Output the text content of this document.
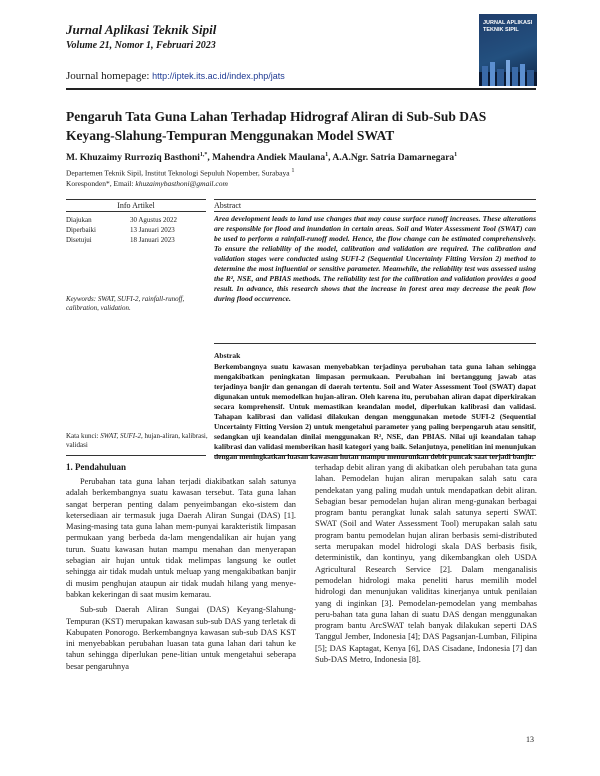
Jurnal Aplikasi Teknik Sipil
Volume 21, Nomor 1, Februari 2023
JURNAL APLIKASI TEKNIK SIPIL
Journal homepage: http://iptek.its.ac.id/index.php/jats
Pengaruh Tata Guna Lahan Terhadap Hidrograf Aliran di Sub-Sub DAS Keyang-Slahung-Tempuran Menggunakan Model SWAT
M. Khuzaimy Rurroziq Basthoni$^{1,*}$, Mahendra Andiek Maulana$^1$, A.A.Ngr. Satria Damarnegara$^1$
Departemen Teknik Sipil, Institut Teknologi Sepuluh Nopember, Surabaya $^1$
Koresponden*, Email: khuzaimybasthoni@gmail.com
Info Artikel	Abstract
Diajukan	30 Agustus 2022
Diperbaiki	13 Januari 2023
Disetujui	18 Januari 2023
Keywords: SWAT, SUFI-2, rainfall-runoff, calibration, validation.
Kata kunci: SWAT, SUFI-2, hujan-aliran, kalibrasi, validasi
Area development leads to land use changes that may cause surface runoff increases. These alterations are responsible for flood and inundation in certain areas. Soil and Water Assessment Tool (SWAT) can be used to perform a rainfall-runoff model. Hence, the flow change can be estimated comprehensively. To ensure the reliability of the model, calibration and validation are required. The calibration and validation stages were conducted using SUFI-2 (Sequential Uncertainty Fitting Version 2) method to determine the most influential or sensitive parameter. Meanwhile, the reliability test was assessed using the R², NSE, and PBIAS methods. The reliability test for the calibration and validation provides a good result. In advance, this research shows that the increase in forest area may decrease the peak flow during flood occurrence.
Abstrak
Berkembangnya suatu kawasan menyebabkan terjadinya perubahan tata guna lahan sehingga mengakibatkan peningkatan limpasan permukaan. Perubahan ini bertanggung jawab atas terjadinya banjir dan genangan di daerah tertentu. Soil and Water Assessment Tool (SWAT) dapat digunakan untuk memodelkan hujan-aliran. Oleh karena itu, perubahan aliran dapat diperkirakan secara komprehensif. Untuk memastikan keandalan model, diperlukan kalibrasi dan validasi. Tahapan kalibrasi dan validasi dilakukan dengan menggunakan metode SUFI-2 (Sequential Uncertainty Fitting Version 2) untuk mengetahui parameter yang paling berpengaruh atau sensitif, sedangkan uji keandalan dinilai menggunakan R², NSE, dan PBIAS. Nilai uji keandalan tahap kalibrasi dan validasi memberikan hasil kategori yang baik. Selanjutnya, penelitian ini menunjukan dengan meningkatkan luasan kawasan hutan mampu menurunkan debit puncak saat terjadi banjir.
1. Pendahuluan

Perubahan tata guna lahan terjadi diakibatkan salah satunya adalah berkembangnya suatu kawasan tersebut. Tata guna lahan sangat berperan penting dalam penyeimbangan eko-sistem dan ketersediaan air termasuk juga Daerah Aliran Sungai (DAS) [1]. Masing-masing tata guna lahan mem-punyai karakteristik limpasan permukaan yang berbeda da-lam mengendalikan air hujan yang turun. Suatu kawasan hutan mampu menahan dan menyerapan sebagian air hujan untuk tidak melimpas langsung ke outlet sehingga air tidak mudah untuk meluap yang mengakibatkan banjir di musim penghujan ataupun air tidak mudah hilang yang menye-babkan kekeringan di saat musim kemarau.

Sub-sub Daerah Aliran Sungai (DAS) Keyang-Slahung-Tempuran (KST) merupakan kawasan sub-sub DAS yang terletak di Kabupaten Ponorogo. Berkembangnya kawasan sub-sub DAS KST ini menyebabkan perubahan luasan tata guna lahan dari tahun ke tahun sehingga diperlukan pene-litian untuk mengetahui seberapa besar pengaruhnya

terhadap debit aliran yang di akibatkan oleh perubahan tata guna lahan. Pemodelan hujan aliran merupakan salah satu cara pendekatan yang paling mudah untuk mendapatkan debit aliran. Sebagian besar pemodelan hujan aliran meng-gunakan berbagai program bantu perangkat lunak salah satunya seperti SWAT. SWAT (Soil and Water Assessment Tool) merupakan salah satu program bantu pemodelan hujan aliran berbasis semi-distributed serta merupakan model hidrologi skala DAS berbasis fisik, deterministik, dan kontinyu, yang dikembangkan oleh USDA Agricultural Research Service [2]. Dalam menganalisis pemodelan hidrologi maka peneliti harus memilih model hidrologi dan menunjukan validitas kinerjanya untuk penilaian yang di inginkan [3]. Pemodelan-pemodelan yang membahas peru-bahan tata guna lahan di suatu DAS dengan menggunakan program bantu ArcSWAT telah banyak dilakukan seperti DAS Tanggul Jember, Indonesia [4]; DAS Pagsanjan-Lumban, Filipina [5]; DAS Kaptagat, Kenya [6], DAS Cisadane, Indonesia [7] dan Sub-DAS Metro, Indonesia [8].

13
